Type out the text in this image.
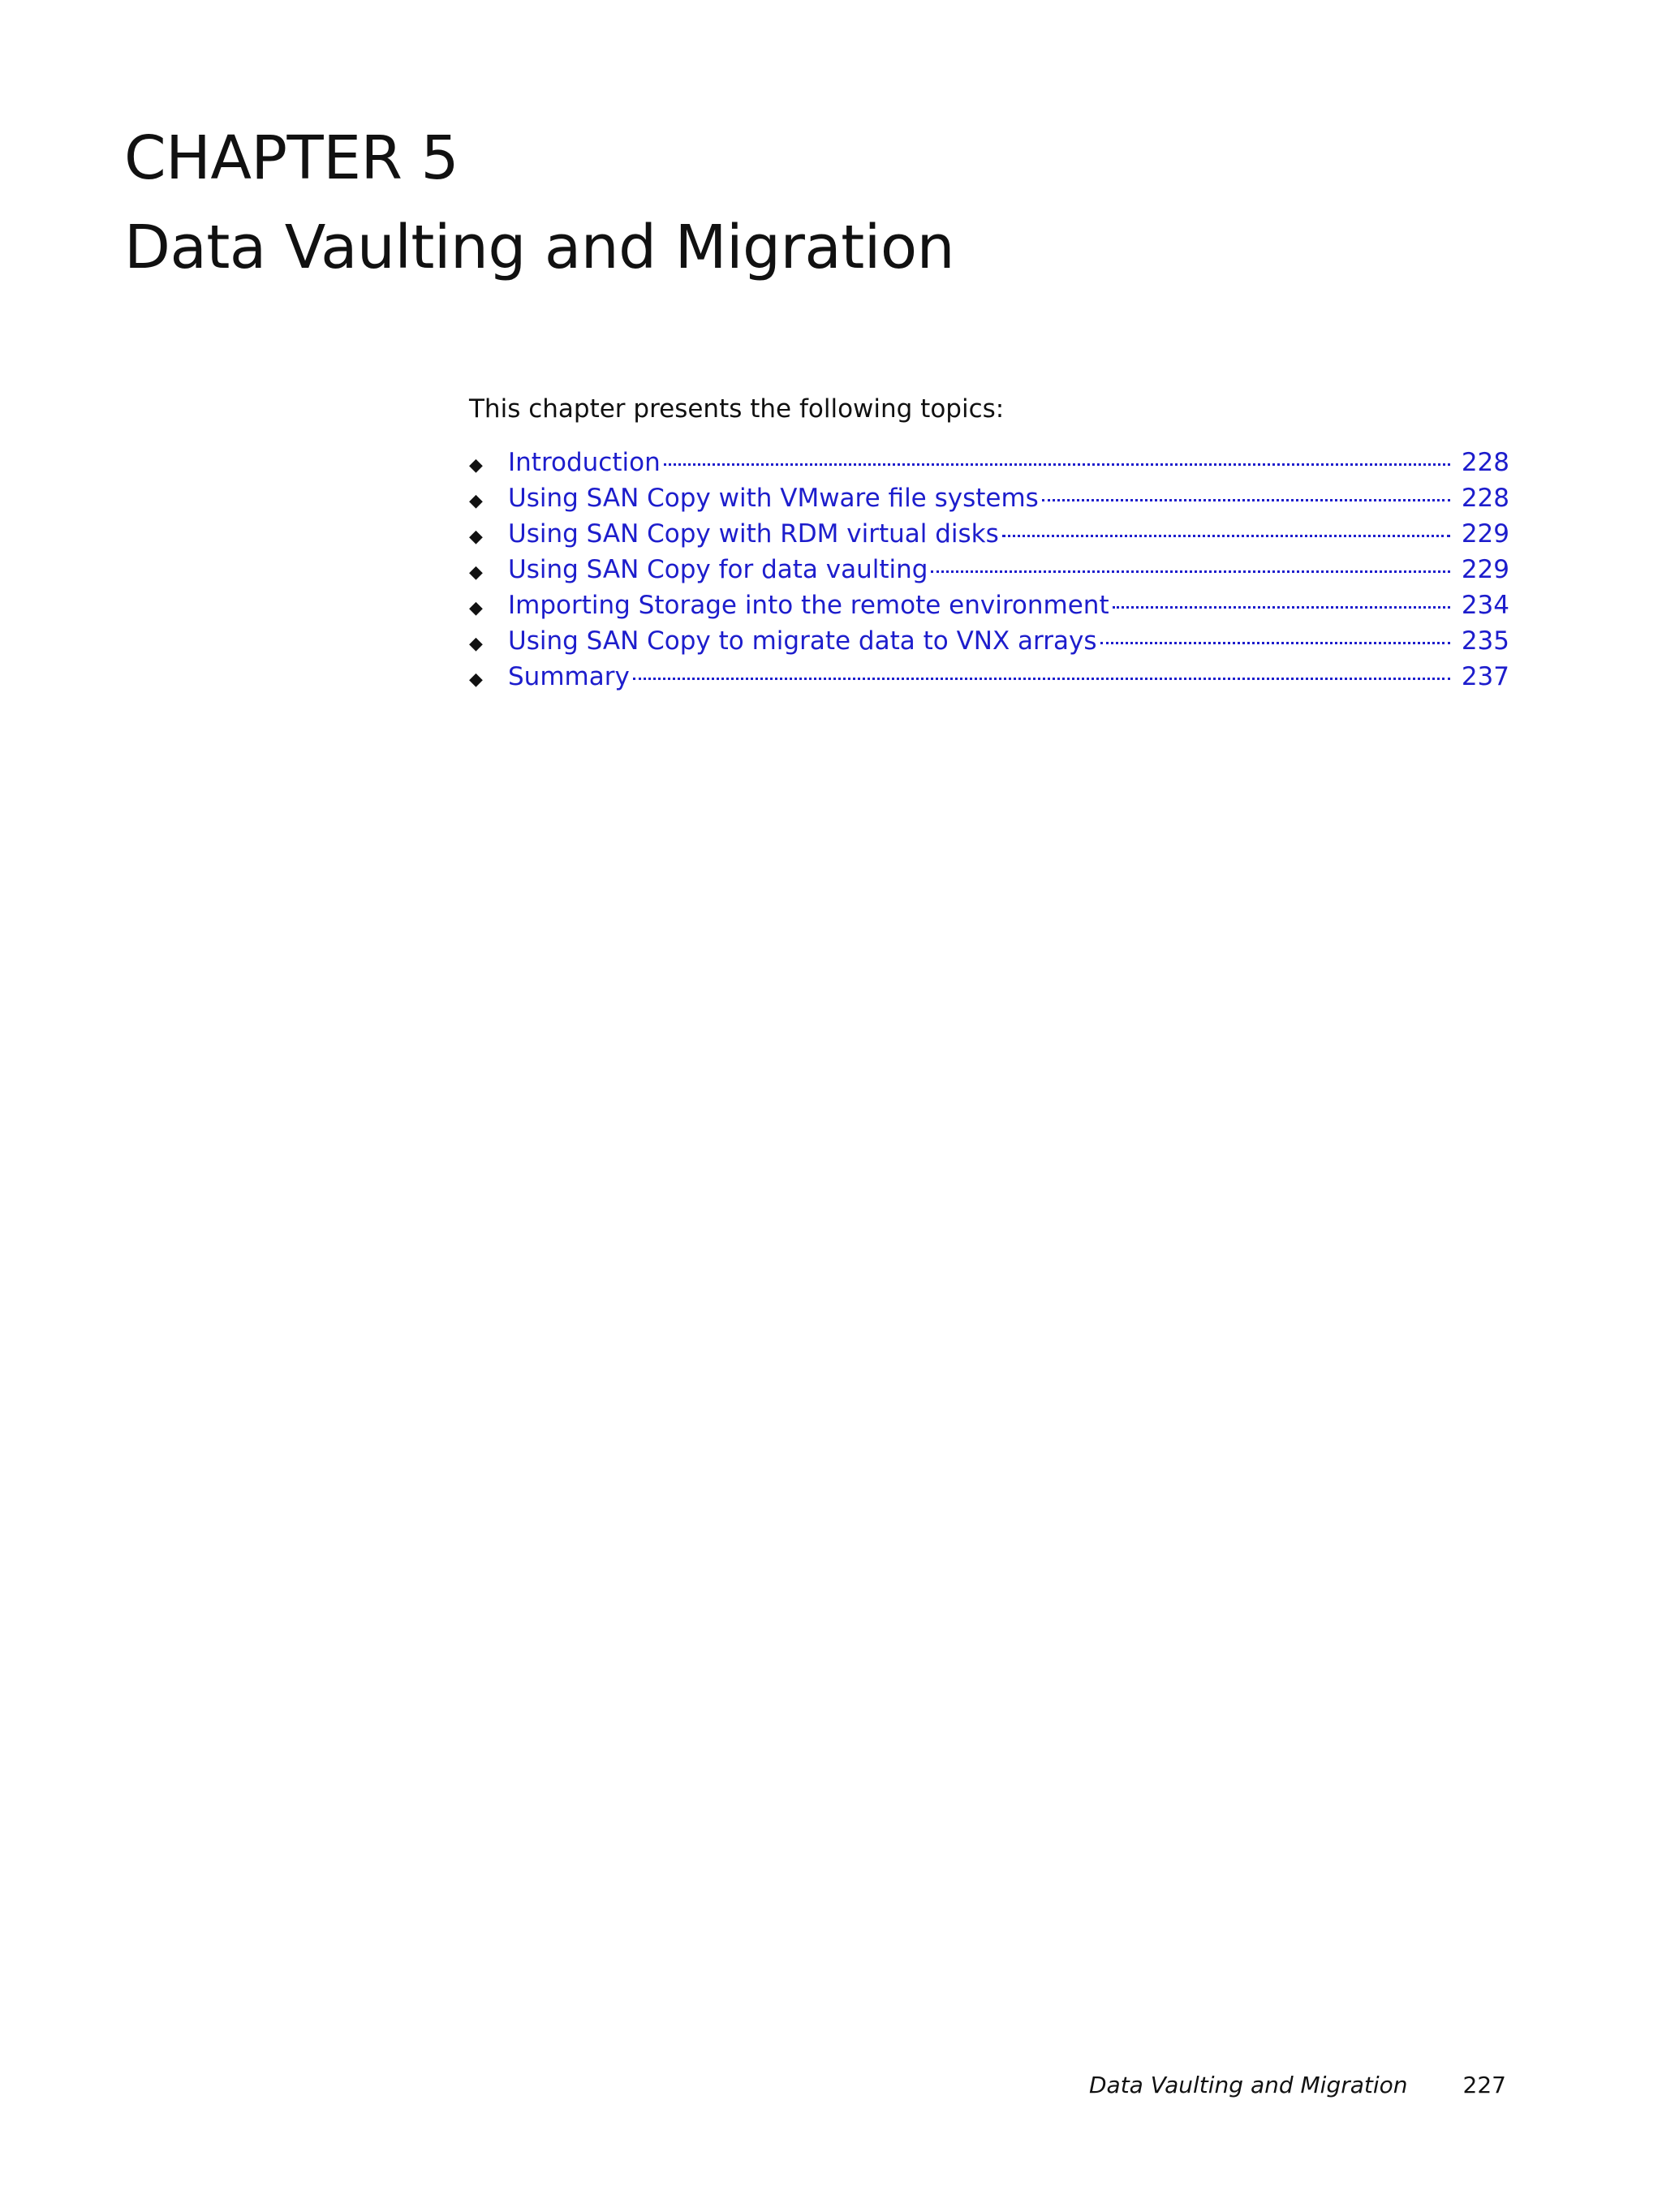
CHAPTER 5
Data Vaulting and Migration
This chapter presents the following topics:
◆	Introduction	228
◆	Using SAN Copy with VMware file systems	228
◆	Using SAN Copy with RDM virtual disks	229
◆	Using SAN Copy for data vaulting	229
◆	Importing Storage into the remote environment	234
◆	Using SAN Copy to migrate data to VNX arrays	235
◆	Summary	237
Data Vaulting and Migration 227
